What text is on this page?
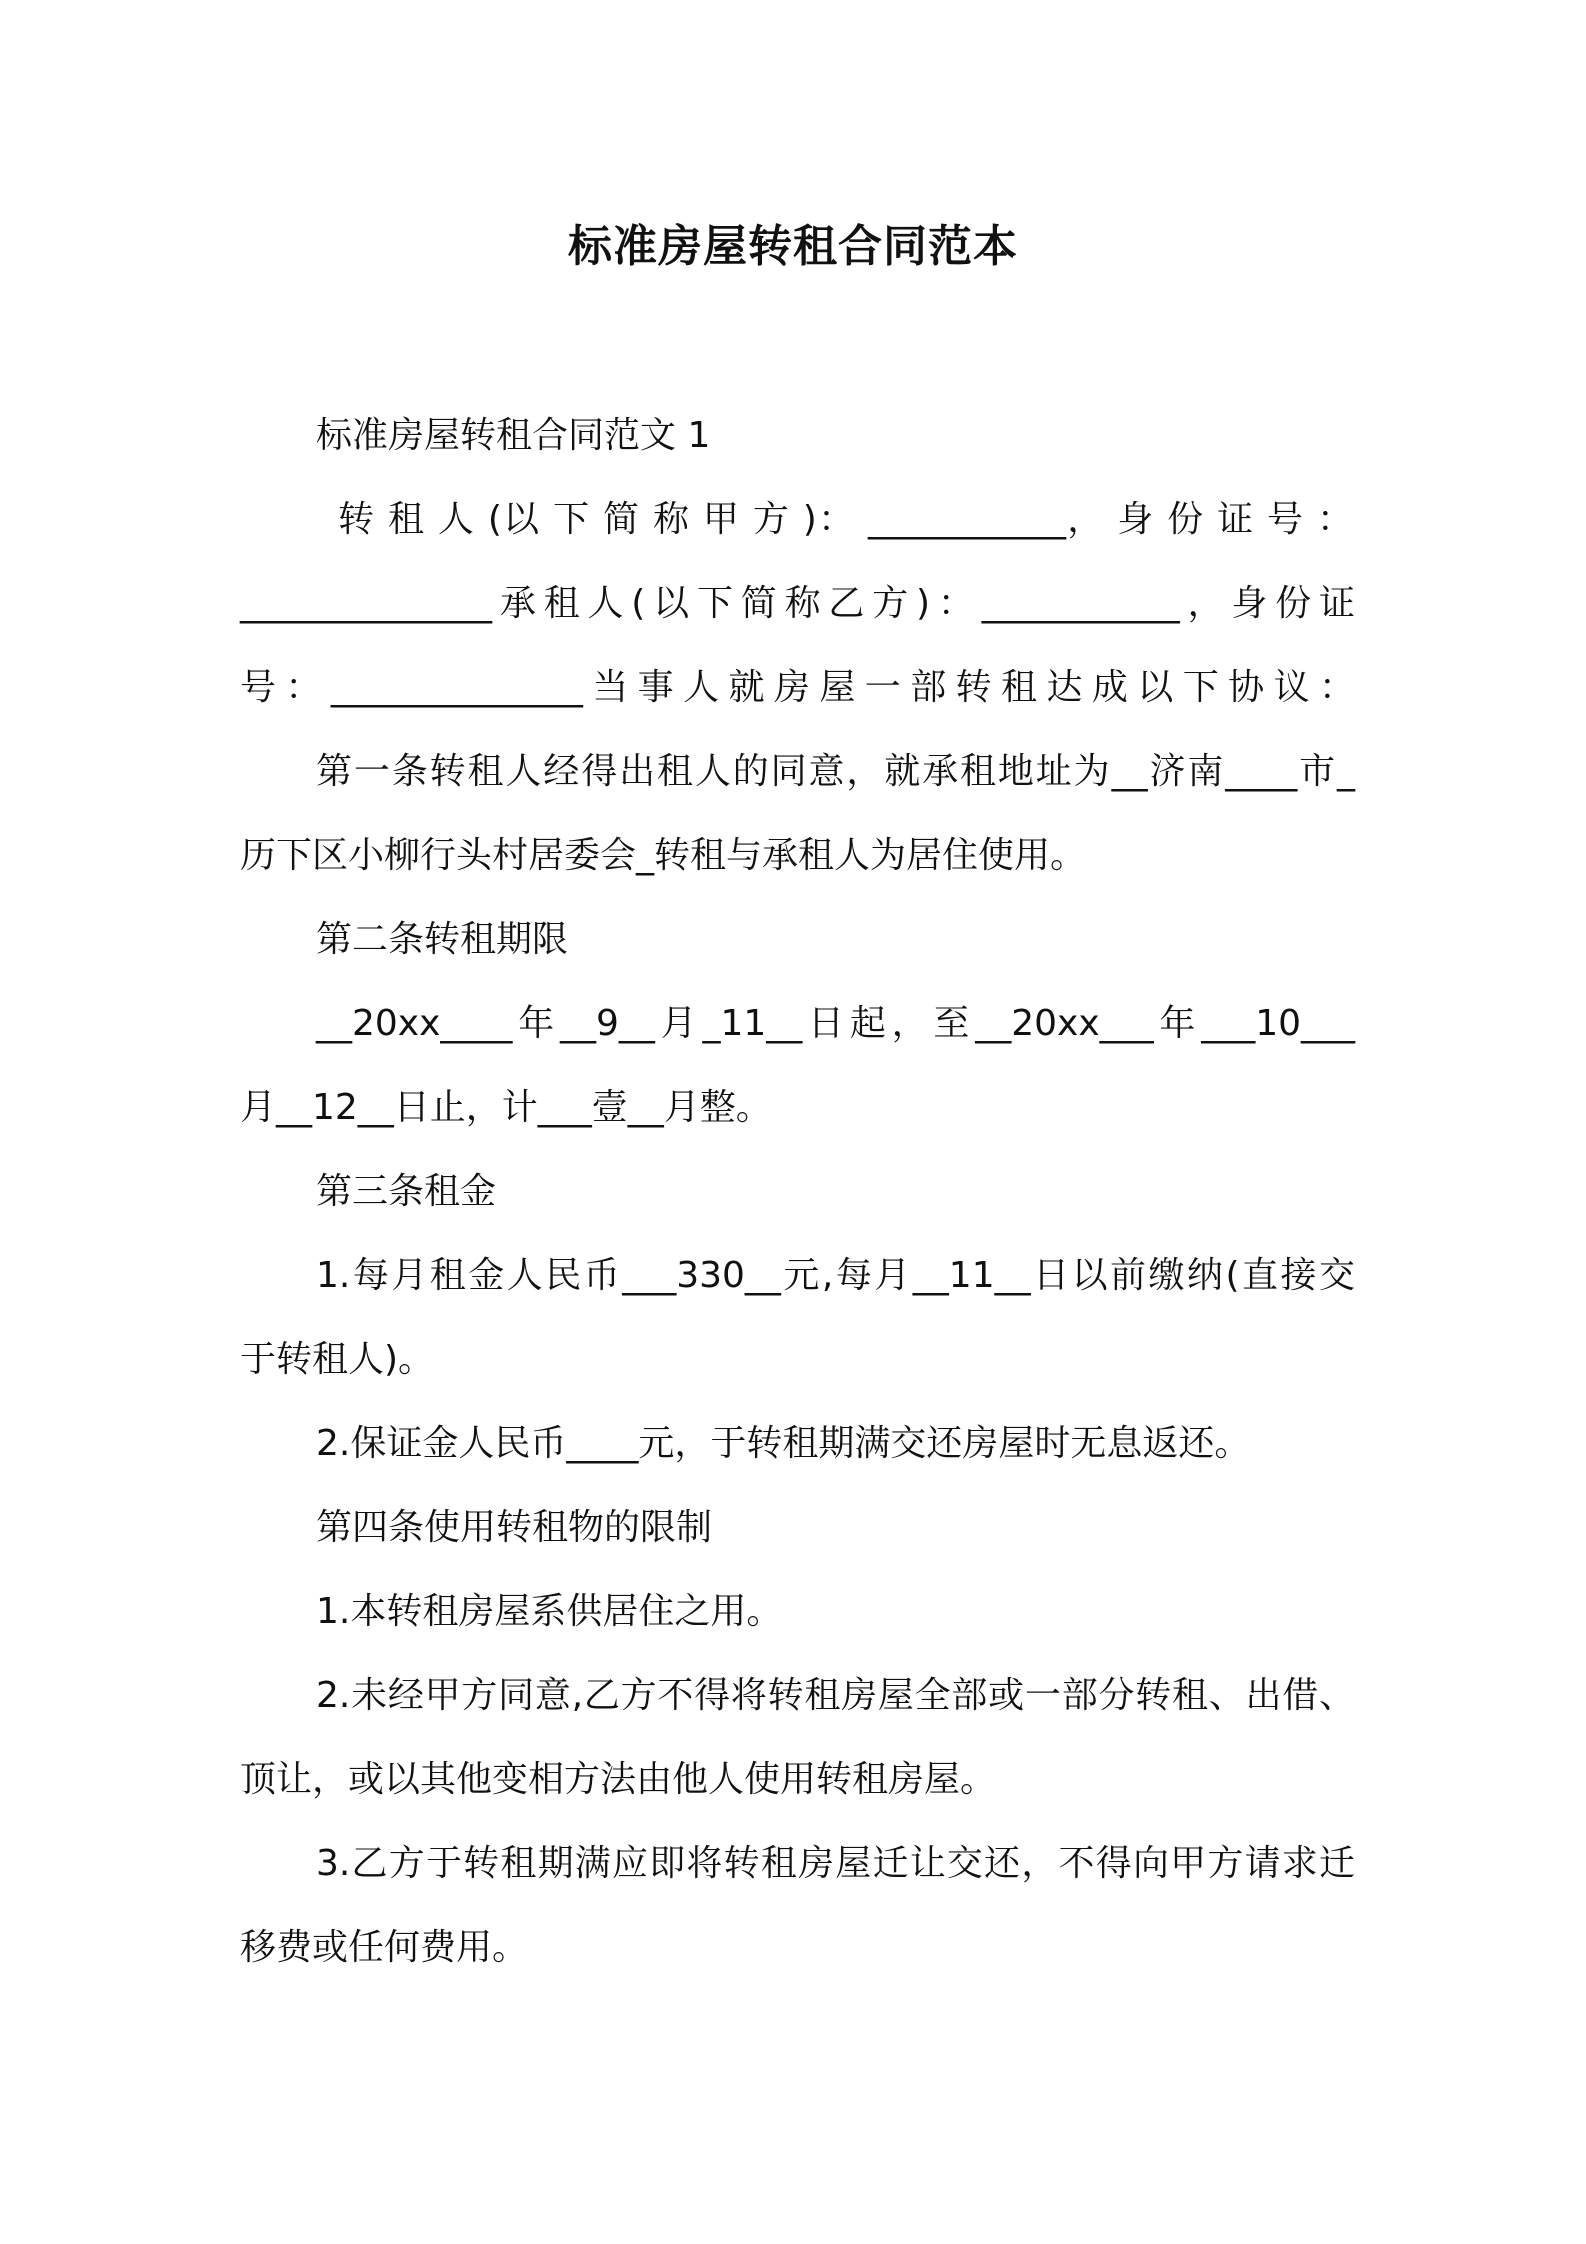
标准房屋转租合同范本
标准房屋转租合同范文 1
转 租 人 (以 下 简 称 甲 方 )： ___________， 身 份 证 号 ：
______________承租人(以下简称乙方)：___________，身份证
号：______________当事人就房屋一部转租达成以下协议：
第一条转租人经得出租人的同意，就承租地址为__济南____市_
历下区小柳行头村居委会_转租与承租人为居住使用。
第二条转租期限
__20xx____年__9__月_11__日起，至__20xx___年___10___
月__12__日止，计___壹__月整。
第三条租金
1.每月租金人民币___330__元,每月__11__日以前缴纳(直接交
于转租人)。
2.保证金人民币____元，于转租期满交还房屋时无息返还。
第四条使用转租物的限制
1.本转租房屋系供居住之用。
2.未经甲方同意,乙方不得将转租房屋全部或一部分转租、出借、
顶让，或以其他变相方法由他人使用转租房屋。
3.乙方于转租期满应即将转租房屋迁让交还，不得向甲方请求迁
移费或任何费用。
